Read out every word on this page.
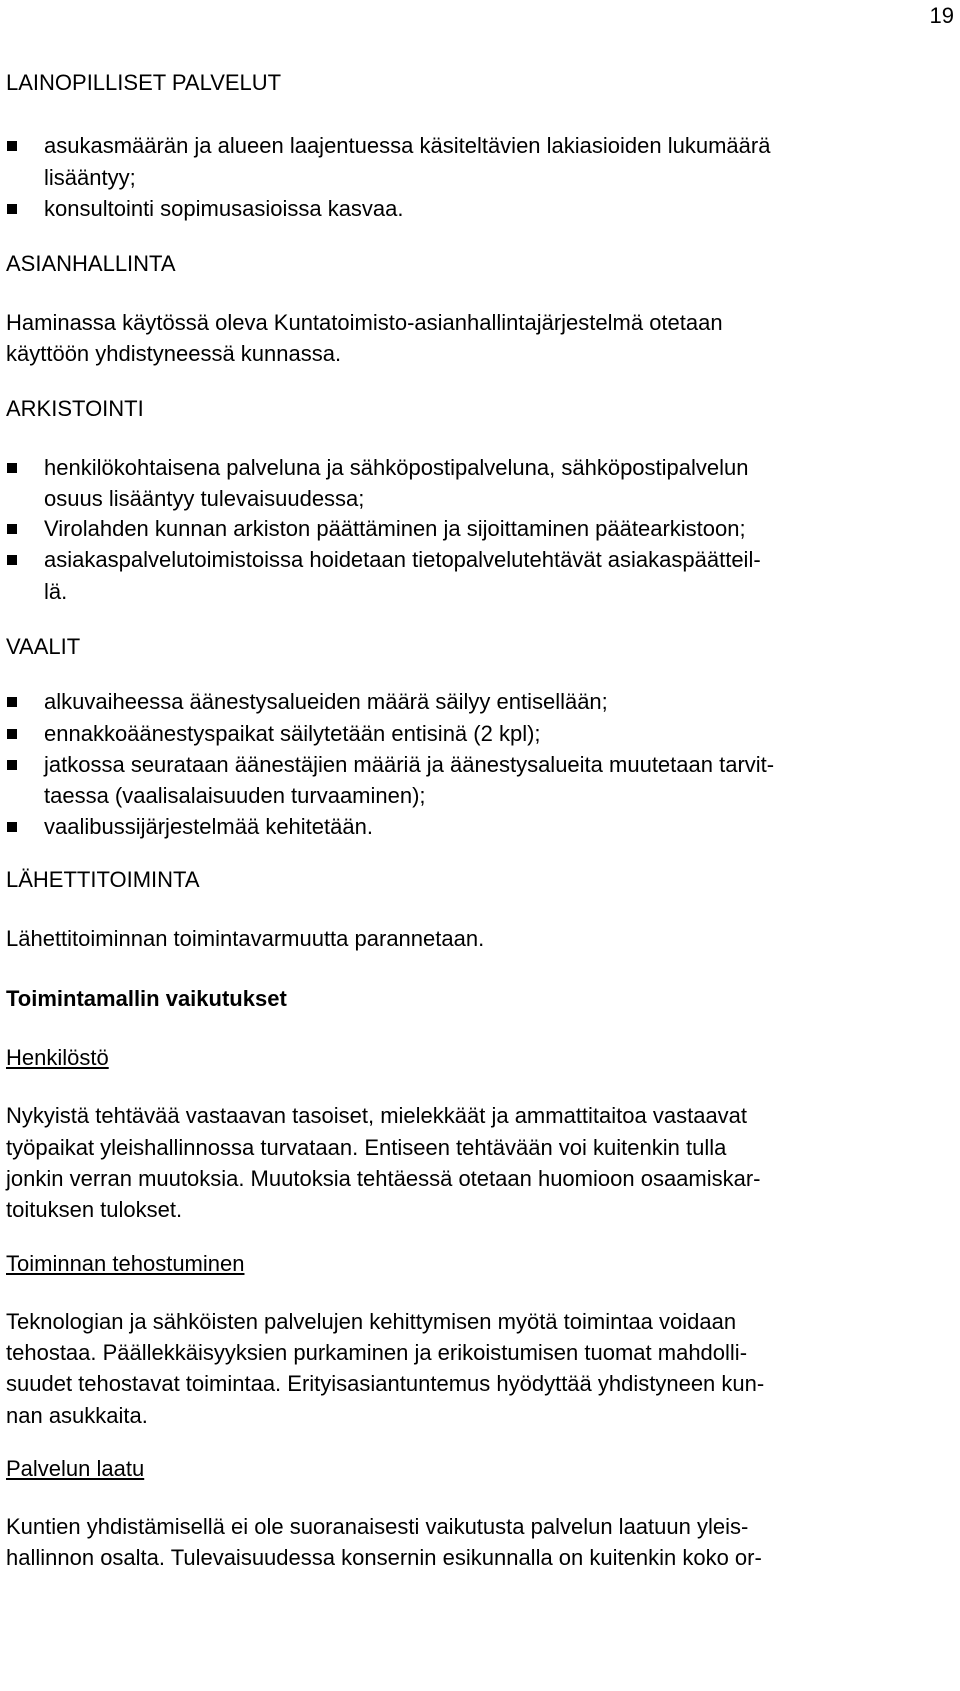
19

LAINOPILLISET PALVELUT

asukasmäärän ja alueen laajentuessa käsiteltävien lakiasioiden lukumäärä

lisääntyy;

konsultointi sopimusasioissa kasvaa.

ASIANHALLINTA

Haminassa käytössä oleva Kuntatoimisto-asianhallintajärjestelmä otetaan

käyttöön yhdistyneessä kunnassa.

ARKISTOINTI

henkilökohtaisena palveluna ja sähköpostipalveluna, sähköpostipalvelun

osuus lisääntyy tulevaisuudessa;

Virolahden kunnan arkiston päättäminen ja sijoittaminen päätearkistoon;

asiakaspalvelutoimistoissa hoidetaan tietopalvelutehtävät asiakaspäätteil-

lä.

VAALIT

alkuvaiheessa äänestysalueiden määrä säilyy entisellään;

ennakkoäänestyspaikat säilytetään entisinä (2 kpl);

jatkossa seurataan äänestäjien määriä ja äänestysalueita muutetaan tarvit-

taessa (vaalisalaisuuden turvaaminen);

vaalibussijärjestelmää kehitetään.

LÄHETTITOIMINTA

Lähettitoiminnan toimintavarmuutta parannetaan.

Toimintamallin vaikutukset

Henkilöstö

Nykyistä tehtävää vastaavan tasoiset, mielekkäät ja ammattitaitoa vastaavat

työpaikat yleishallinnossa turvataan. Entiseen tehtävään voi kuitenkin tulla

jonkin verran muutoksia. Muutoksia tehtäessä otetaan huomioon osaamiskar-

toituksen tulokset.

Toiminnan tehostuminen

Teknologian ja sähköisten palvelujen kehittymisen myötä toimintaa voidaan

tehostaa. Päällekkäisyyksien purkaminen ja erikoistumisen tuomat mahdolli-

suudet tehostavat toimintaa. Erityisasiantuntemus hyödyttää yhdistyneen kun-

nan asukkaita.

Palvelun laatu

Kuntien yhdistämisellä ei ole suoranaisesti vaikutusta palvelun laatuun yleis-

hallinnon osalta. Tulevaisuudessa konsernin esikunnalla on kuitenkin koko or-
